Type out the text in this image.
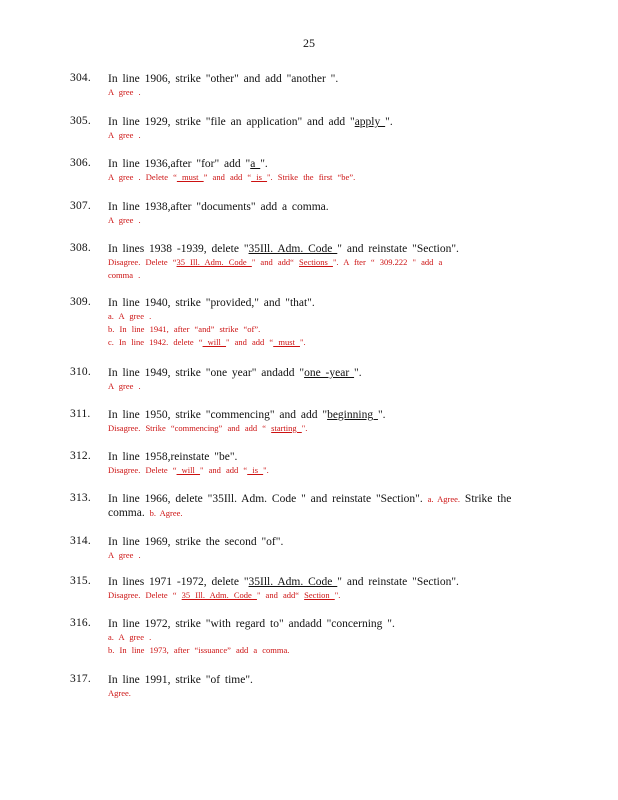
25
304. In line 1906, strike "other" and add "another ".
A gree .
305. In line 1929, strike "file an application" and add "apply ".
A gree .
306. In line 1936,after "for" add "a ".
A gree . Delete “ must ” and add “ is ". Strike the first “be”.
307. In line 1938,after "documents" add a comma.
A gree .
308. In lines 1938 -1939, delete "35Ill. Adm. Code " and reinstate "Section".
Disagree. Delete “35 Ill. Adm. Code " and add“ Sections ". A fter “ 309.222 " add a
comma .
309. In line 1940, strike "provided," and "that".
a. A gree .
b. In line 1941, after “and” strike “of”.
c. In line 1942. delete “ will " and add “ must ".
310. In line 1949, strike "one year" andadd "one -year ".
A gree .
311. In line 1950, strike "commencing" and add "beginning ".
Disagree. Strike “commencing” and add “ starting ".
312. In line 1958,reinstate "be".
Disagree. Delete “ will " and add “ is ".
313. In line 1966, delete "35Ill. Adm. Code " and reinstate "Section". a. Agree. Strike the
comma. b. Agree.
314. In line 1969, strike the second "of".
A gree .
315. In lines 1971 -1972, delete "35Ill. Adm. Code " and reinstate "Section".
Disagree. Delete “ 35 Ill. Adm. Code " and add“ Section ".
316. In line 1972, strike "with regard to" andadd "concerning ".
a. A gree .
b. In line 1973, after “issuance” add a comma.
317. In line 1991, strike "of time".
Agree.
